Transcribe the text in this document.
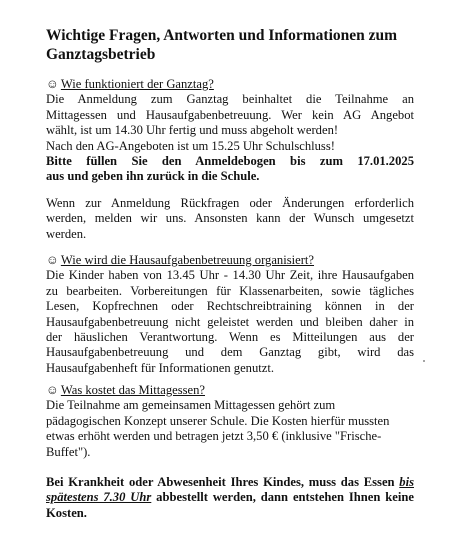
Wichtige Fragen, Antworten und Informationen zum Ganztagsbetrieb
☺ Wie funktioniert der Ganztag?
Die Anmeldung zum Ganztag beinhaltet die Teilnahme an
Mittagessen und Hausaufgabenbetreuung. Wer kein AG Angebot
wählt, ist um 14.30 Uhr fertig und muss abgeholt werden!
Nach den AG-Angeboten ist um 15.25 Uhr Schulschluss!
Bitte füllen Sie den Anmeldebogen bis zum 17.01.2025
aus und geben ihn zurück in die Schule.
Wenn zur Anmeldung Rückfragen oder Änderungen erforderlich
werden, melden wir uns. Ansonsten kann der Wunsch umgesetzt
werden.
☺ Wie wird die Hausaufgabenbetreuung organisiert?
Die Kinder haben von 13.45 Uhr - 14.30 Uhr Zeit, ihre Hausaufgaben
zu bearbeiten. Vorbereitungen für Klassenarbeiten, sowie tägliches
Lesen, Kopfrechnen oder Rechtschreibtraining können in der
Hausaufgabenbetreuung nicht geleistet werden und bleiben daher in
der häuslichen Verantwortung. Wenn es Mitteilungen aus der
Hausaufgabenbetreuung und dem Ganztag gibt, wird das
Hausaufgabenheft für Informationen genutzt.
☺ Was kostet das Mittagessen?
Die Teilnahme am gemeinsamen Mittagessen gehört zum
pädagogischen Konzept unserer Schule. Die Kosten hierfür mussten
etwas erhöht werden und betragen jetzt 3,50 € (inklusive "Frische-
Buffet").
Bei Krankheit oder Abwesenheit Ihres Kindes, muss das Essen bis
spätestens 7.30 Uhr abbestellt werden, dann entstehen Ihnen keine
Kosten.
